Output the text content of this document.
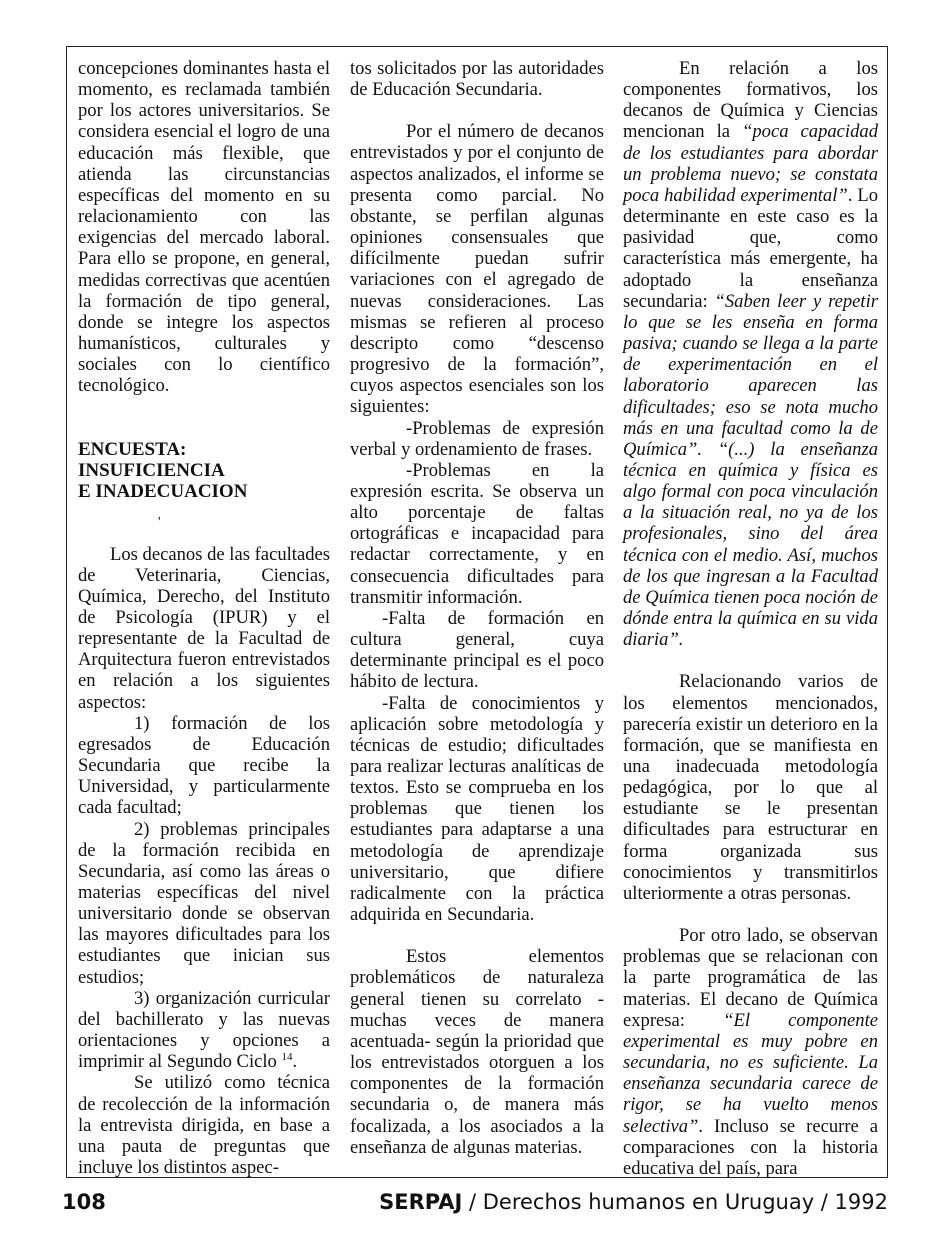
concepciones dominantes hasta el momento, es reclamada también por los actores universitarios. Se considera esencial el logro de una educación más flexible, que atienda las circunstancias específicas del momento en su relacionamiento con las exigencias del mercado laboral. Para ello se propone, en general, medidas correctivas que acentúen la formación de tipo general, donde se integre los aspectos humanísticos, culturales y sociales con lo científico tecnológico.

ENCUESTA:
INSUFICIENCIA
E INADECUACION

'

Los decanos de las facultades de Veterinaria, Ciencias, Química, Derecho, del Instituto de Psicología (IPUR) y el representante de la Facultad de Arquitectura fueron entrevistados en relación a los siguientes aspectos:

1) formación de los egresados de Educación Secundaria que recibe la Universidad, y particularmente cada facultad;

2) problemas principales de la formación recibida en Secundaria, así como las áreas o materias específicas del nivel universitario donde se observan las mayores dificultades para los estudiantes que inician sus estudios;

3) organización curricular del bachillerato y las nuevas orientaciones y opciones a imprimir al Segundo Ciclo $^{14}$.

Se utilizó como técnica de recolección de la información la entrevista dirigida, en base a una pauta de preguntas que incluye los distintos aspec-

tos solicitados por las autoridades de Educación Secundaria.

Por el número de decanos entrevistados y por el conjunto de aspectos analizados, el informe se presenta como parcial. No obstante, se perfilan algunas opiniones consensuales que difícilmente puedan sufrir variaciones con el agregado de nuevas consideraciones. Las mismas se refieren al proceso descripto como “descenso progresivo de la formación”, cuyos aspectos esenciales son los siguientes:

-Problemas de expresión verbal y ordenamiento de frases.

-Problemas en la expresión escrita. Se observa un alto porcentaje de faltas ortográficas e incapacidad para redactar correctamente, y en consecuencia dificultades para transmitir información.

-Falta de formación en cultura general, cuya determinante principal es el poco hábito de lectura.

-Falta de conocimientos y aplicación sobre metodología y técnicas de estudio; dificultades para realizar lecturas analíticas de textos. Esto se comprueba en los problemas que tienen los estudiantes para adaptarse a una metodología de aprendizaje universitario, que difiere radicalmente con la práctica adquirida en Secundaria.

Estos elementos problemáticos de naturaleza general tienen su correlato -muchas veces de manera acentuada- según la prioridad que los entrevistados otorguen a los componentes de la formación secundaria o, de manera más focalizada, a los asociados a la enseñanza de algunas materias.

En relación a los componentes formativos, los decanos de Química y Ciencias mencionan la “poca capacidad de los estudiantes para abordar un problema nuevo; se constata poca habilidad experimental”. Lo determinante en este caso es la pasividad que, como característica más emergente, ha adoptado la enseñanza secundaria: “Saben leer y repetir lo que se les enseña en forma pasiva; cuando se llega a la parte de experimentación en el laboratorio aparecen las dificultades; eso se nota mucho más en una facultad como la de Química”. “(...) la enseñanza técnica en química y física es algo formal con poca vinculación a la situación real, no ya de los profesionales, sino del área técnica con el medio. Así, muchos de los que ingresan a la Facultad de Química tienen poca noción de dónde entra la química en su vida diaria”.

Relacionando varios de los elementos mencionados, parecería existir un deterioro en la formación, que se manifiesta en una inadecuada metodología pedagógica, por lo que al estudiante se le presentan dificultades para estructurar en forma organizada sus conocimientos y transmitirlos ulteriormente a otras personas.

Por otro lado, se observan problemas que se relacionan con la parte programática de las materias. El decano de Química expresa: “El componente experimental es muy pobre en secundaria, no es suficiente. La enseñanza secundaria carece de rigor, se ha vuelto menos selectiva”. Incluso se recurre a comparaciones con la historia educativa del país, para

108	SERPAJ / Derechos humanos en Uruguay / 1992
